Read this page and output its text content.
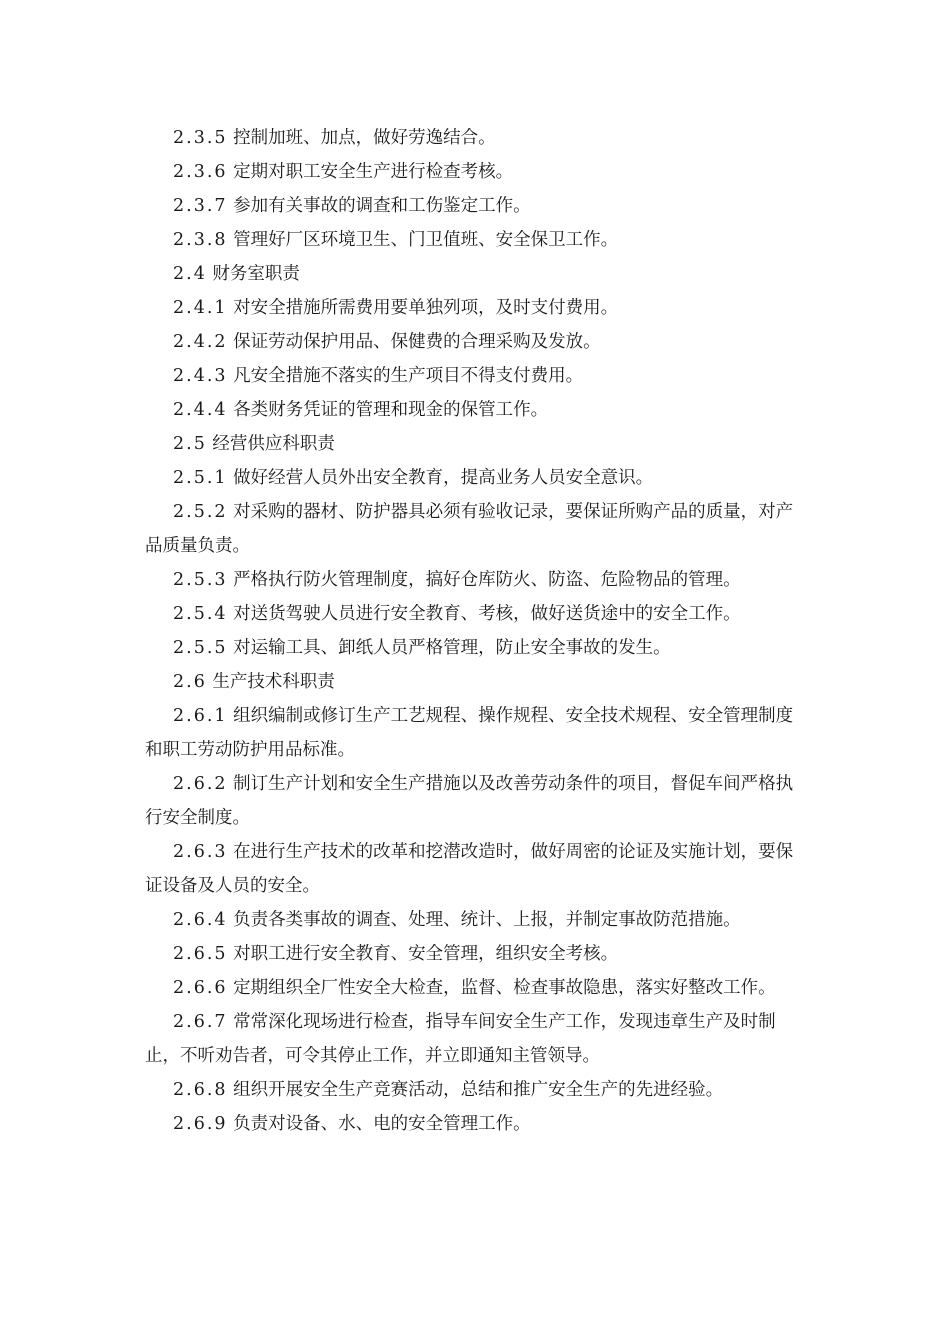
2.3.5 控制加班、加点，做好劳逸结合。

2.3.6 定期对职工安全生产进行检查考核。

2.3.7 参加有关事故的调查和工伤鉴定工作。

2.3.8 管理好厂区环境卫生、门卫值班、安全保卫工作。

2.4 财务室职责

2.4.1 对安全措施所需费用要单独列项，及时支付费用。

2.4.2 保证劳动保护用品、保健费的合理采购及发放。

2.4.3 凡安全措施不落实的生产项目不得支付费用。

2.4.4 各类财务凭证的管理和现金的保管工作。

2.5 经营供应科职责

2.5.1 做好经营人员外出安全教育，提高业务人员安全意识。

2.5.2 对采购的器材、防护器具必须有验收记录，要保证所购产品的质量，对产品质量负责。

2.5.3 严格执行防火管理制度，搞好仓库防火、防盗、危险物品的管理。

2.5.4 对送货驾驶人员进行安全教育、考核，做好送货途中的安全工作。

2.5.5 对运输工具、卸纸人员严格管理，防止安全事故的发生。

2.6 生产技术科职责

2.6.1 组织编制或修订生产工艺规程、操作规程、安全技术规程、安全管理制度和职工劳动防护用品标准。

2.6.2 制订生产计划和安全生产措施以及改善劳动条件的项目，督促车间严格执行安全制度。

2.6.3 在进行生产技术的改革和挖潜改造时，做好周密的论证及实施计划，要保证设备及人员的安全。

2.6.4 负责各类事故的调查、处理、统计、上报，并制定事故防范措施。

2.6.5 对职工进行安全教育、安全管理，组织安全考核。

2.6.6 定期组织全厂性安全大检查，监督、检查事故隐患，落实好整改工作。

2.6.7 常常深化现场进行检查，指导车间安全生产工作，发现违章生产及时制止，不听劝告者，可令其停止工作，并立即通知主管领导。

2.6.8 组织开展安全生产竞赛活动，总结和推广安全生产的先进经验。

2.6.9 负责对设备、水、电的安全管理工作。
